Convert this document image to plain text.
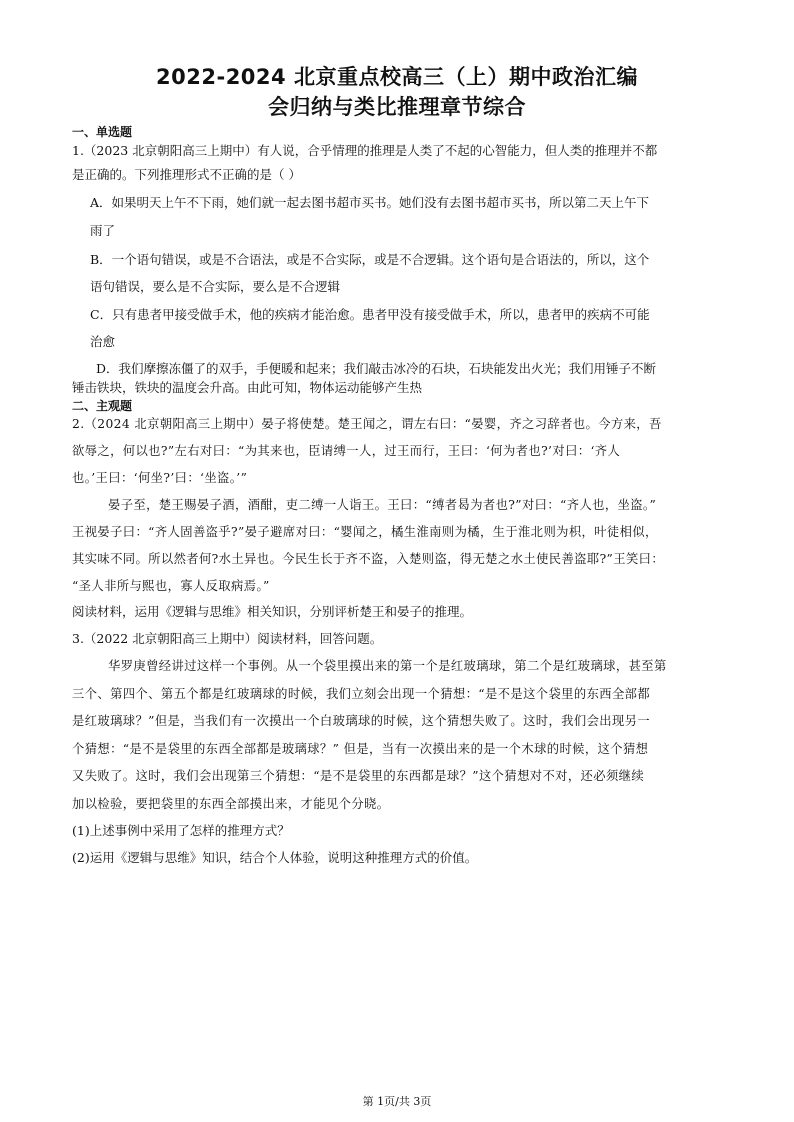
2022-2024 北京重点校高三（上）期中政治汇编
会归纳与类比推理章节综合
一、单选题
1.（2023 北京朝阳高三上期中）有人说，合乎情理的推理是人类了不起的心智能力，但人类的推理并不都
是正确的。下列推理形式不正确的是（ ）
A．如果明天上午不下雨，她们就一起去图书超市买书。她们没有去图书超市买书，所以第二天上午下
雨了
B．一个语句错误，或是不合语法，或是不合实际，或是不合逻辑。这个语句是合语法的，所以，这个
语句错误，要么是不合实际，要么是不合逻辑
C．只有患者甲接受做手术，他的疾病才能治愈。患者甲没有接受做手术，所以，患者甲的疾病不可能
治愈
D．我们摩擦冻僵了的双手，手便暖和起来；我们敲击冰冷的石块，石块能发出火光；我们用锤子不断
锤击铁块，铁块的温度会升高。由此可知，物体运动能够产生热
二、主观题
2.（2024 北京朝阳高三上期中）晏子将使楚。楚王闻之，谓左右曰：“晏婴，齐之习辞者也。今方来，吾
欲辱之，何以也?”左右对曰：“为其来也，臣请缚一人，过王而行，王曰：‘何为者也?’对曰：‘齐人
也。’王曰：‘何坐?’曰：‘坐盗。’”
晏子至，楚王赐晏子酒，酒酣，吏二缚一人诣王。王曰：“缚者曷为者也?”对曰：“齐人也，坐盗。”
王视晏子曰：“齐人固善盗乎?”晏子避席对曰：“婴闻之，橘生淮南则为橘，生于淮北则为枳，叶徒相似，
其实味不同。所以然者何?水土异也。今民生长于齐不盗，入楚则盗，得无楚之水土使民善盗耶?”王笑曰：
“圣人非所与熙也，寡人反取病焉。”
阅读材料，运用《逻辑与思维》相关知识，分别评析楚王和晏子的推理。
3.（2022 北京朝阳高三上期中）阅读材料，回答问题。
华罗庚曾经讲过这样一个事例。从一个袋里摸出来的第一个是红玻璃球，第二个是红玻璃球，甚至第
三个、第四个、第五个都是红玻璃球的时候，我们立刻会出现一个猜想：“是不是这个袋里的东西全部都
是红玻璃球？”但是，当我们有一次摸出一个白玻璃球的时候，这个猜想失败了。这时，我们会出现另一
个猜想：“是不是袋里的东西全部都是玻璃球？” 但是，当有一次摸出来的是一个木球的时候，这个猜想
又失败了。这时，我们会出现第三个猜想：“是不是袋里的东西都是球？”这个猜想对不对，还必须继续
加以检验，要把袋里的东西全部摸出来，才能见个分晓。
(1)上述事例中采用了怎样的推理方式？
(2)运用《逻辑与思维》知识，结合个人体验，说明这种推理方式的价值。
第 1页/共 3页
